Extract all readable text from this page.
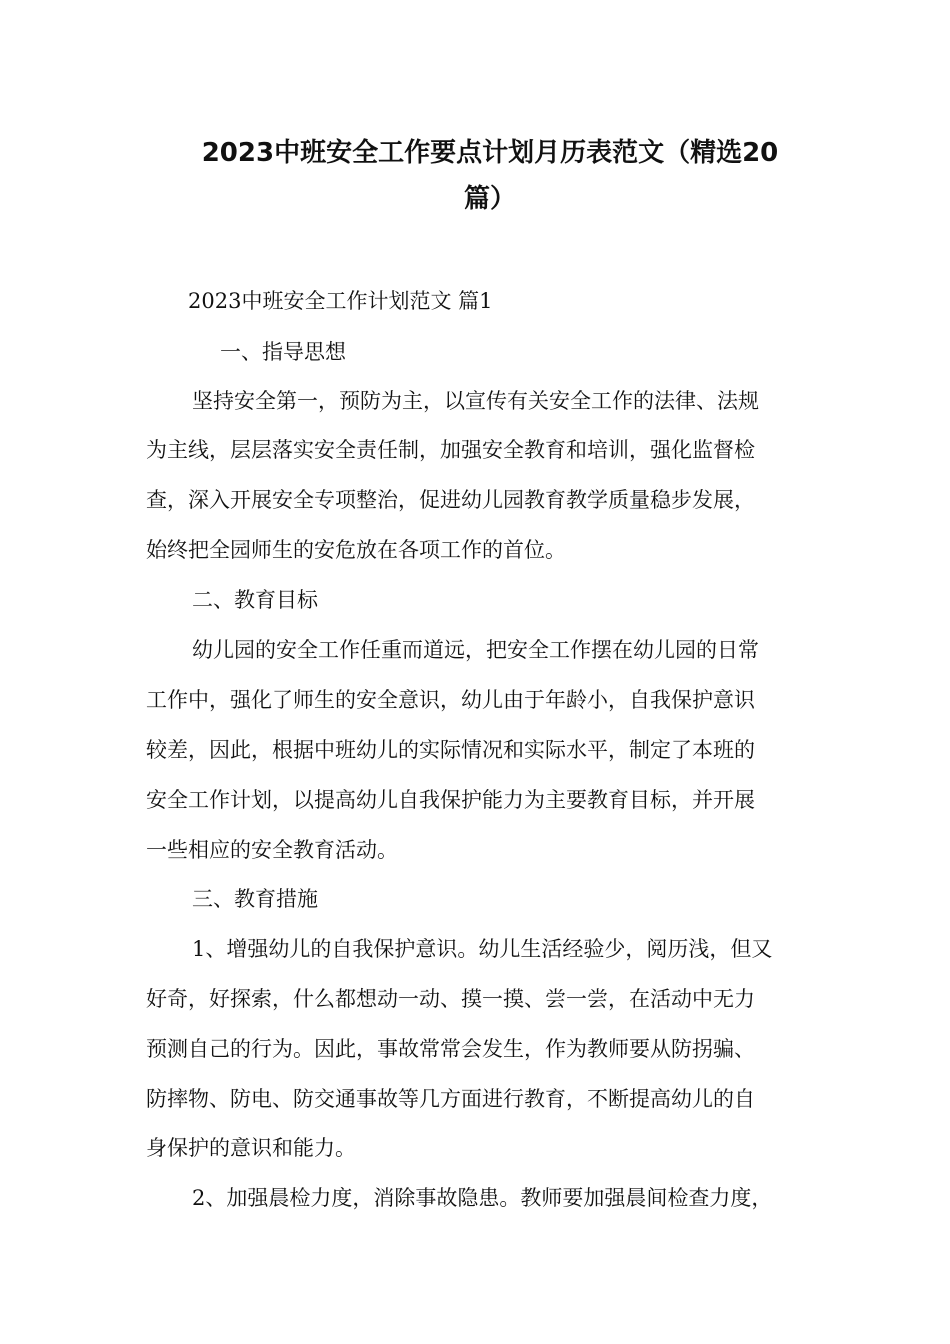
2023中班安全工作要点计划月历表范文（精选20
篇）

2023中班安全工作计划范文 篇1

一、指导思想

坚持安全第一，预防为主，以宣传有关安全工作的法律、法规

为主线，层层落实安全责任制，加强安全教育和培训，强化监督检

查，深入开展安全专项整治，促进幼儿园教育教学质量稳步发展，

始终把全园师生的安危放在各项工作的首位。

二、教育目标

幼儿园的安全工作任重而道远，把安全工作摆在幼儿园的日常

工作中，强化了师生的安全意识，幼儿由于年龄小，自我保护意识

较差，因此，根据中班幼儿的实际情况和实际水平，制定了本班的

安全工作计划，以提高幼儿自我保护能力为主要教育目标，并开展

一些相应的安全教育活动。

三、教育措施

1、增强幼儿的自我保护意识。幼儿生活经验少，阅历浅，但又

好奇，好探索，什么都想动一动、摸一摸、尝一尝，在活动中无力

预测自己的行为。因此，事故常常会发生，作为教师要从防拐骗、

防摔物、防电、防交通事故等几方面进行教育，不断提高幼儿的自

身保护的意识和能力。

2、加强晨检力度，消除事故隐患。教师要加强晨间检查力度，
